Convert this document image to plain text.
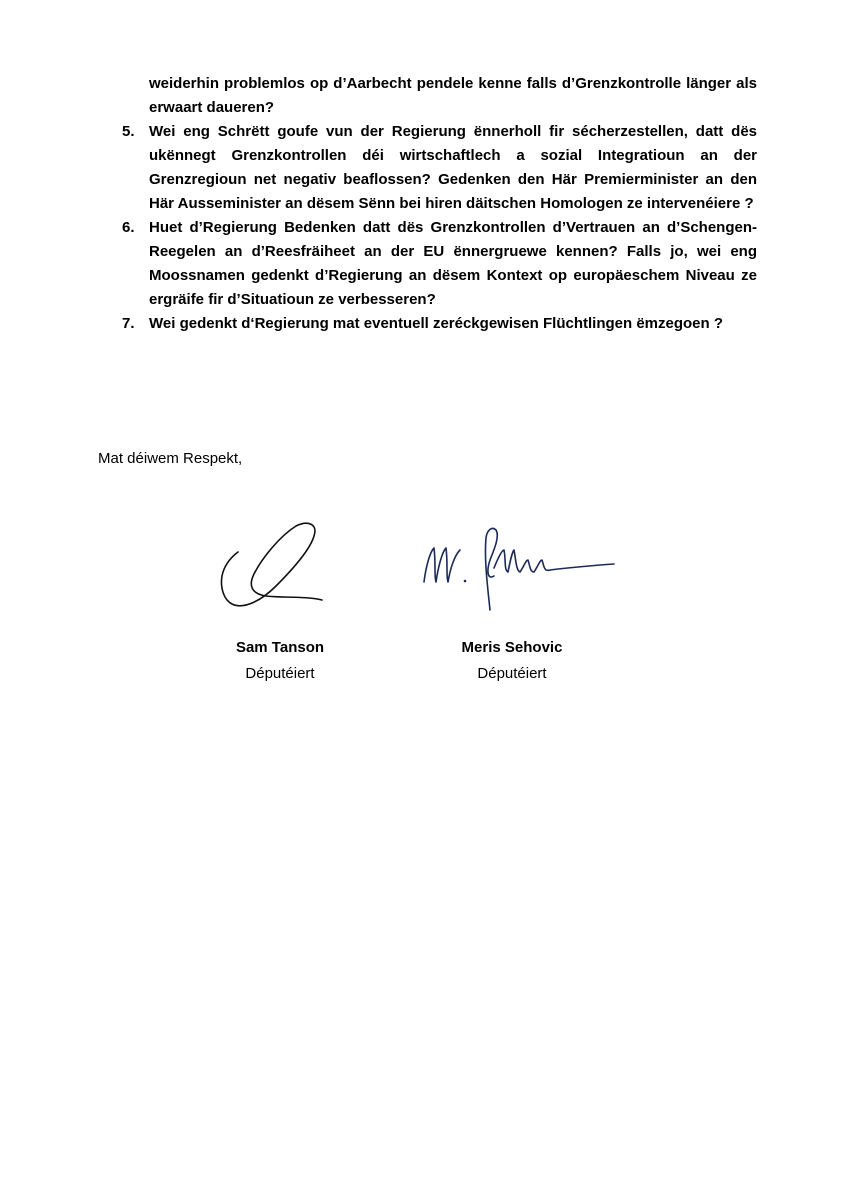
weiderhin problemlos op d’Aarbecht pendele kenne falls d’Grenzkontrolle länger als erwaart daueren?
5. Wei eng Schrëtt goufe vun der Regierung ënnerholl fir sécherzestellen, datt dës ukënnegt Grenzkontrollen déi wirtschaftlech a sozial Integratioun an der Grenzregioun net negativ beaflossen? Gedenken den Här Premierminister an den Här Ausseminister an dësem Sënn bei hiren däitschen Homologen ze intervenéiere ?
6. Huet d’Regierung Bedenken datt dës Grenzkontrollen d’Vertrauen an d’Schengen-Reegelen an d’Reesfräiheet an der EU ënnergruewe kennen? Falls jo, wei eng Moossnamen gedenkt d’Regierung an dësem Kontext op europäeschem Niveau ze ergräife fir d’Situatioun ze verbesseren?
7. Wei gedenkt d‘Regierung mat eventuell zeréckgewisen Flüchtlingen ëmzegoen ?
Mat déiwem Respekt,
Sam Tanson
Députéiert
Meris Sehovic
Députéiert
